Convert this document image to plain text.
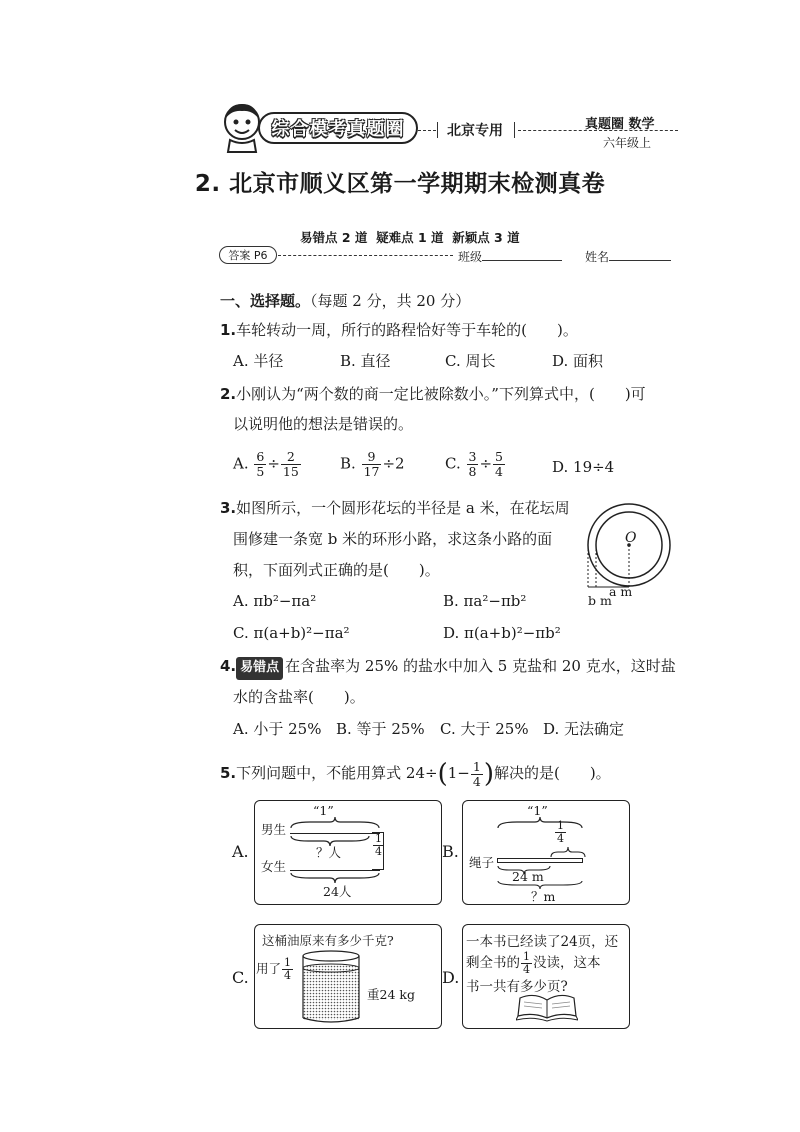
综合模考真题圈	北京专用	真题圈 数学
六年级上
2. 北京市顺义区第一学期期末检测真卷
易错点 2 道  疑难点 1 道  新颖点 3 道
答案 P6	班级	姓名
一、选择题。（每题 2 分，共 20 分）
1.车轮转动一周，所行的路程恰好等于车轮的(　　)。
A. 半径	B. 直径	C. 周长	D. 面积
2.小刚认为“两个数的商一定比被除数小。”下列算式中，(　　)可
以说明他的想法是错误的。
A. $\frac{6}{5} \div \frac{2}{15}$	B. $\frac{9}{17} \div 2$	C. $\frac{3}{8} \div \frac{5}{4}$	D. 19÷4
3.如图所示，一个圆形花坛的半径是 a 米，在花坛周
围修建一条宽 b 米的环形小路，求这条小路的面
积，下面列式正确的是(　　)。
A. πb²−πa²	B. πa²−πb²
C. π(a+b)²−πa²	D. π(a+b)²−πb²
O
b m
a m
4. 易错点 在含盐率为 25% 的盐水中加入 5 克盐和 20 克水，这时盐
水的含盐率(　　)。
A. 小于 25% B. 等于 25% C. 大于 25% D. 无法确定
5.下列问题中，不能用算式 $24\div(1- \frac{1}{4}$ )解决的是(　　)。
A.
“1”
男生
？人	$\frac{1}{4}$
女生
24人
B.
“1”
$\frac{1}{4}$
绳子
24 m
？m
C.
这桶油原来有多少千克?
用了 $\frac{1}{4}$
重24 kg
D.
一本书已经读了24页，还
剩全书的 $\frac{1}{4}$ 没读，这本
书一共有多少页?
